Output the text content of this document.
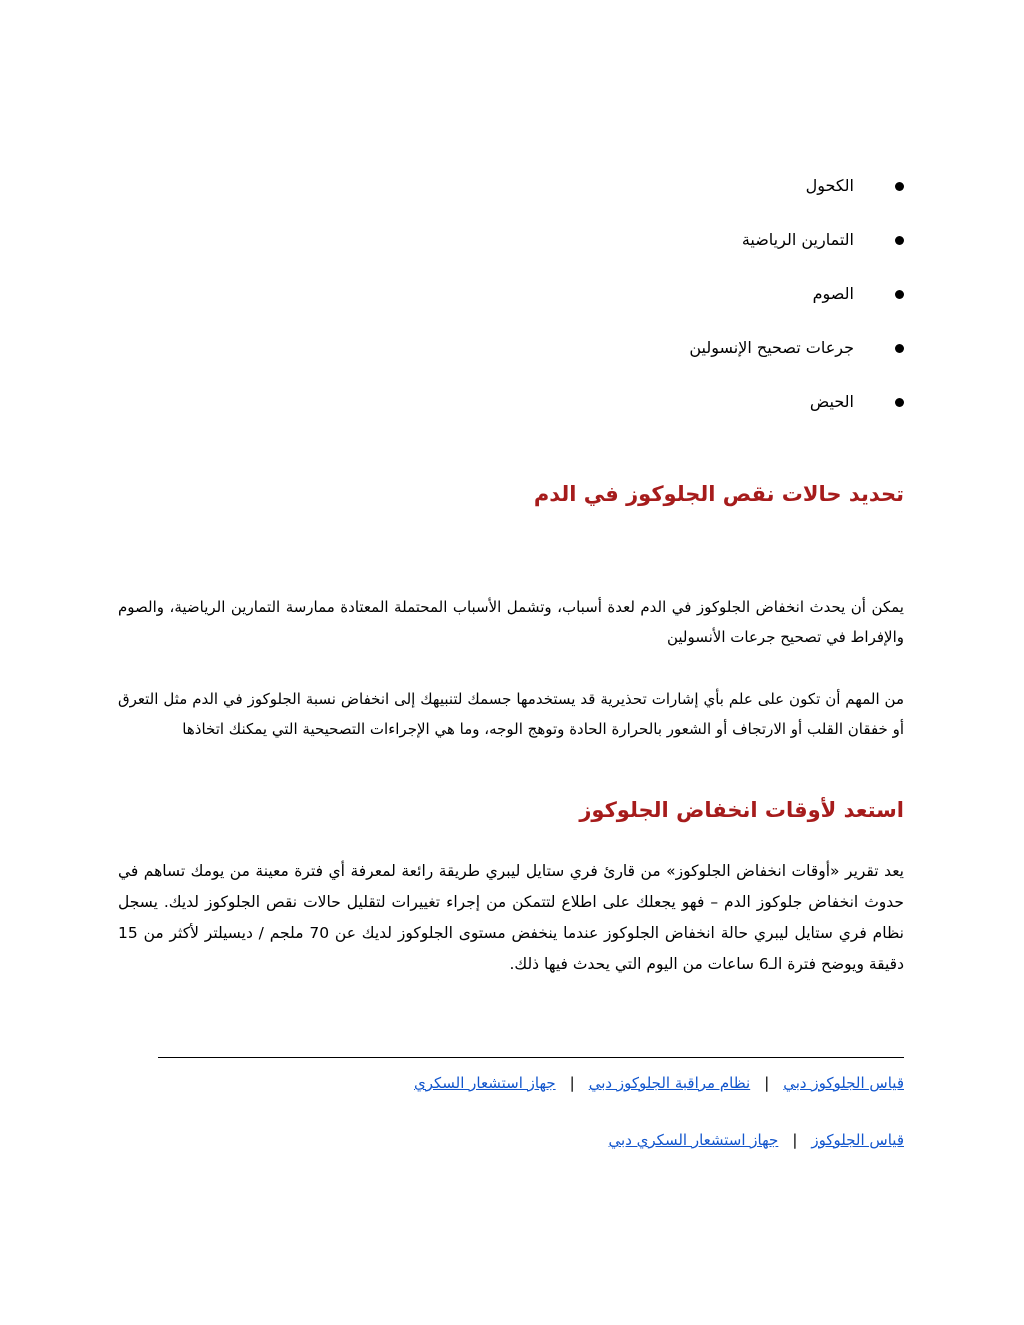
الكحول
التمارين الرياضية
الصوم
جرعات تصحيح الإنسولين
الحيض
تحديد حالات نقص الجلوكوز في الدم

يمكن أن يحدث انخفاض الجلوكوز في الدم لعدة أسباب، وتشمل الأسباب المحتملة المعتادة ممارسة التمارين الرياضية، والصوم والإفراط في تصحيح جرعات الأنسولين

من المهم أن تكون على علم بأي إشارات تحذيرية قد يستخدمها جسمك لتنبيهك إلى انخفاض نسبة الجلوكوز في الدم مثل التعرق أو خفقان القلب أو الارتجاف أو الشعور بالحرارة الحادة وتوهج الوجه، وما هي الإجراءات التصحيحية التي يمكنك اتخاذها

استعد لأوقات انخفاض الجلوكوز

يعد تقرير «أوقات انخفاض الجلوكوز» من قارئ فري ستايل ليبري طريقة رائعة لمعرفة أي فترة معينة من يومك تساهم في حدوث انخفاض جلوكوز الدم – فهو يجعلك على اطلاع لتتمكن من إجراء تغييرات لتقليل حالات نقص الجلوكوز لديك. يسجل نظام فري ستايل ليبري حالة انخفاض الجلوكوز عندما ينخفض مستوى الجلوكوز لديك عن 70 ملجم / ديسيلتر لأكثر من 15 دقيقة ويوضح فترة الـ6 ساعات من اليوم التي يحدث فيها ذلك.

قياس الجلوكوز دبي|نظام مراقبة الجلوكوز دبي|جهاز استشعار السكري
قياس الجلوكوز|جهاز استشعار السكري دبي
